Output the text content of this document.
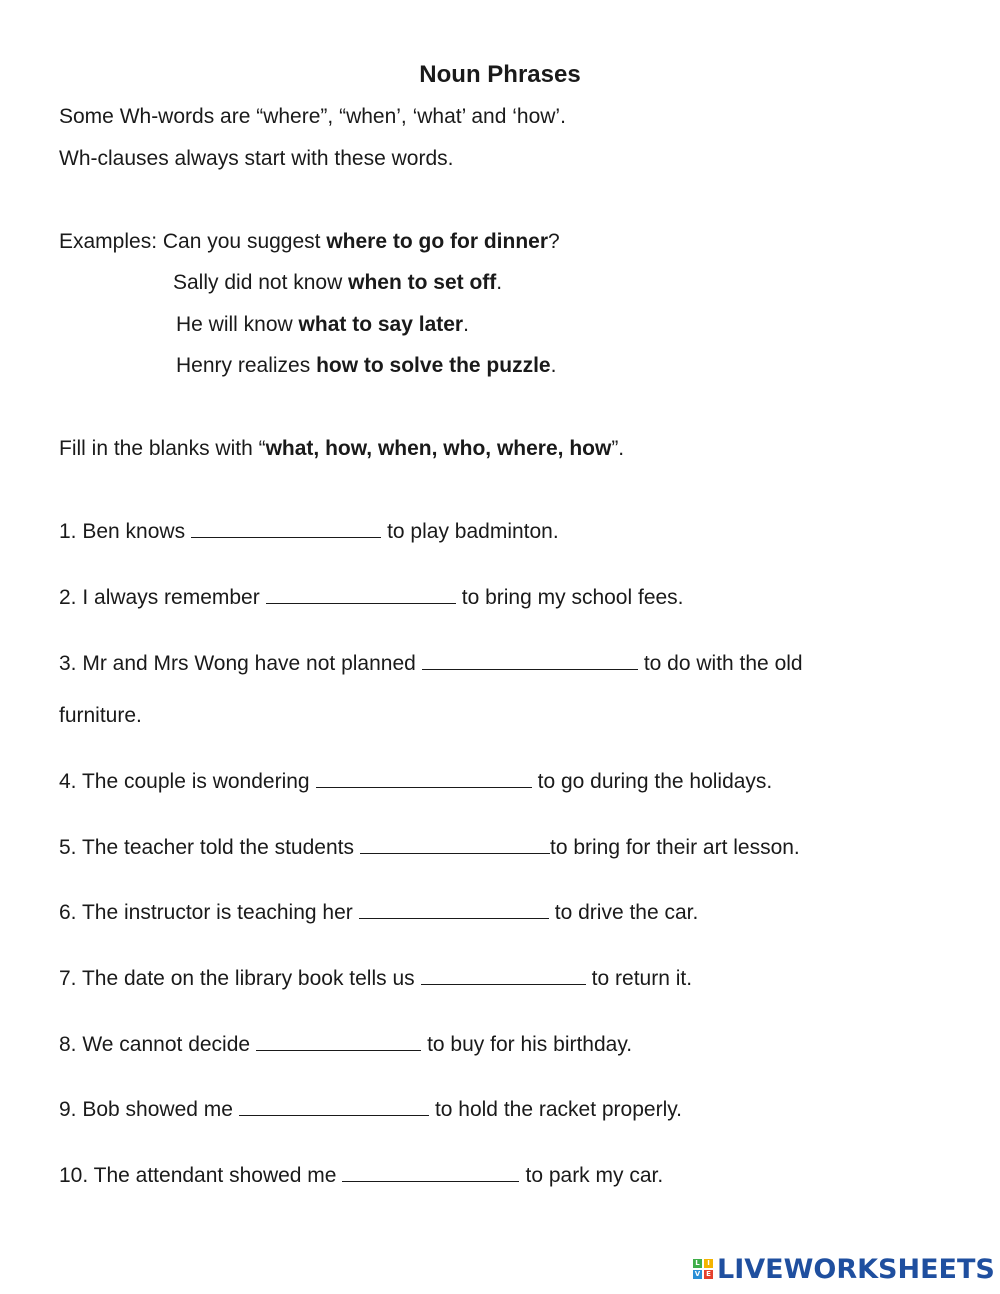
Noun Phrases
Some Wh-words are “where”, “when’, ‘what’ and ‘how’.
Wh-clauses always start with these words.
Examples: Can you suggest where to go for dinner?
Sally did not know when to set off.
He will know what to say later.
Henry realizes how to solve the puzzle.
Fill in the blanks with “what, how, when, who, where, how”.
1. Ben knows	to play badminton.
2. I always remember	to bring my school fees.
3. Mr and Mrs Wong have not planned	to do with the old
furniture.
4. The couple is wondering	to go during the holidays.
5. The teacher told the students	to bring for their art lesson.
6. The instructor is teaching her	to drive the car.
7. The date on the library book tells us	to return it.
8. We cannot decide	to buy for his birthday.
9. Bob showed me	to hold the racket properly.
10. The attendant showed me	to park my car.
L	I
V E LIVEWORKSHEETS
